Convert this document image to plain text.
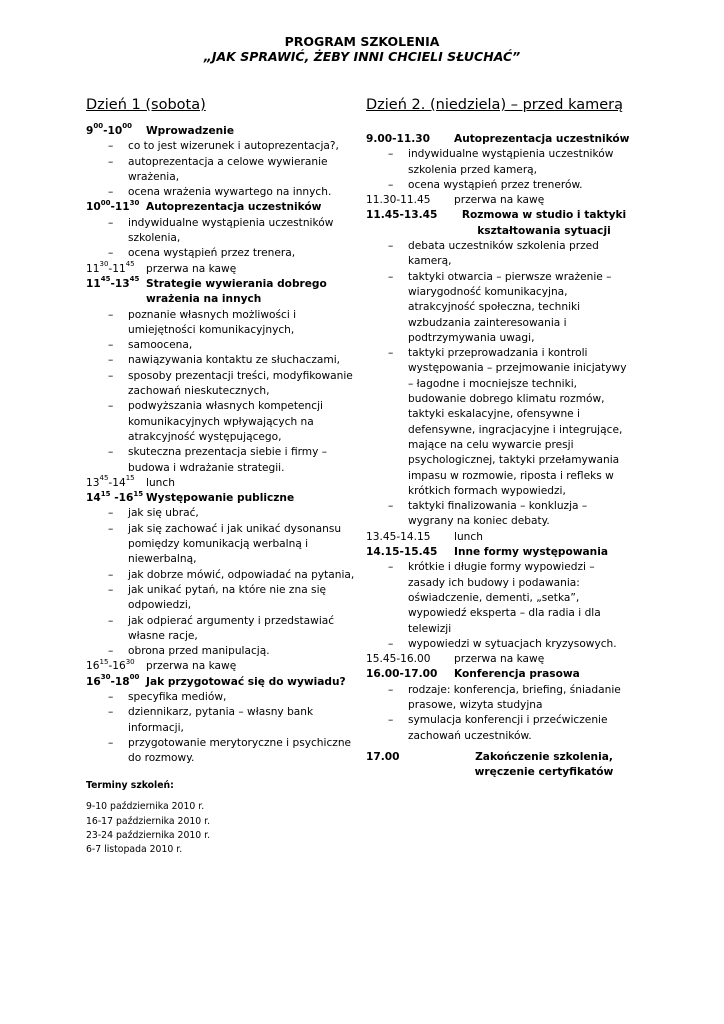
PROGRAM SZKOLENIA
„JAK SPRAWIĆ, ŻEBY INNI CHCIELI SŁUCHAĆ”
Dzień 1 (sobota)
$9^{00}-10^{00}$	Wprowadzenie
– co to jest wizerunek i autoprezentacja?,
– autoprezentacja a celowe wywieranie wrażenia,
– ocena wrażenia wywartego na innych.
$10^{00}-11^{30}$ Autoprezentacja uczestników
– indywidualne wystąpienia uczestników szkolenia,
– ocena wystąpień przez trenera,
$11^{30}-11^{45}$	przerwa na kawę
$11^{45}-13^{45}$ Strategie wywierania dobrego wrażenia na innych
– poznanie własnych możliwości i umiejętności komunikacyjnych,
– samoocena,
– nawiązywania kontaktu ze słuchaczami,
– sposoby prezentacji treści, modyfikowanie zachowań nieskutecznych,
– podwyższania własnych kompetencji komunikacyjnych wpływających na atrakcyjność występującego,
– skuteczna prezentacja siebie i firmy – budowa i wdrażanie strategii.
$13^{45}-14^{15}$	lunch
$14^{15}$ $-16^{15}$ Występowanie publiczne
– jak się ubrać,
– jak się zachować i jak unikać dysonansu pomiędzy komunikacją werbalną i niewerbalną,
– jak dobrze mówić, odpowiadać na pytania,
– jak unikać pytań, na które nie zna się odpowiedzi,
– jak odpierać argumenty i przedstawiać własne racje,
– obrona przed manipulacją.
$16^{15}-16^{30}$	przerwa na kawę
$16^{30}-18^{00}$ Jak przygotować się do wywiadu?
– specyfika mediów,
– dziennikarz, pytania – własny bank informacji,
– przygotowanie merytoryczne i psychiczne do rozmowy.
Dzień 2. (niedziela) – przed kamerą
9.00-11.30	Autoprezentacja uczestników
– indywidualne wystąpienia uczestników szkolenia przed kamerą,
– ocena wystąpień przez trenerów.
11.30-11.45	przerwa na kawę
11.45-13.45	Rozmowa w studio i taktyki kształtowania sytuacji
– debata uczestników szkolenia przed kamerą,
– taktyki otwarcia – pierwsze wrażenie – wiarygodność komunikacyjna, atrakcyjność społeczna, techniki wzbudzania zainteresowania i podtrzymywania uwagi,
– taktyki przeprowadzania i kontroli występowania – przejmowanie inicjatywy – łagodne i mocniejsze techniki, budowanie dobrego klimatu rozmów, taktyki eskalacyjne, ofensywne i defensywne, ingracjacyjne i integrujące, mające na celu wywarcie presji psychologicznej, taktyki przełamywania impasu w rozmowie, riposta i refleks w krótkich formach wypowiedzi,
– taktyki finalizowania – konkluzja – wygrany na koniec debaty.
13.45-14.15	lunch
14.15-15.45	Inne formy występowania
– krótkie i długie formy wypowiedzi – zasady ich budowy i podawania: oświadczenie, dementi, „setka”, wypowiedź eksperta – dla radia i dla telewizji
– wypowiedzi w sytuacjach kryzysowych.
15.45-16.00	przerwa na kawę
16.00-17.00	Konferencja prasowa
– rodzaje: konferencja, briefing, śniadanie prasowe, wizyta studyjna
– symulacja konferencji i przećwiczenie zachowań uczestników.
17.00	Zakończenie szkolenia, wręczenie certyfikatów
Terminy szkoleń:
9-10 października 2010 r.
16-17 października 2010 r.
23-24 października 2010 r.
6-7 listopada 2010 r.
